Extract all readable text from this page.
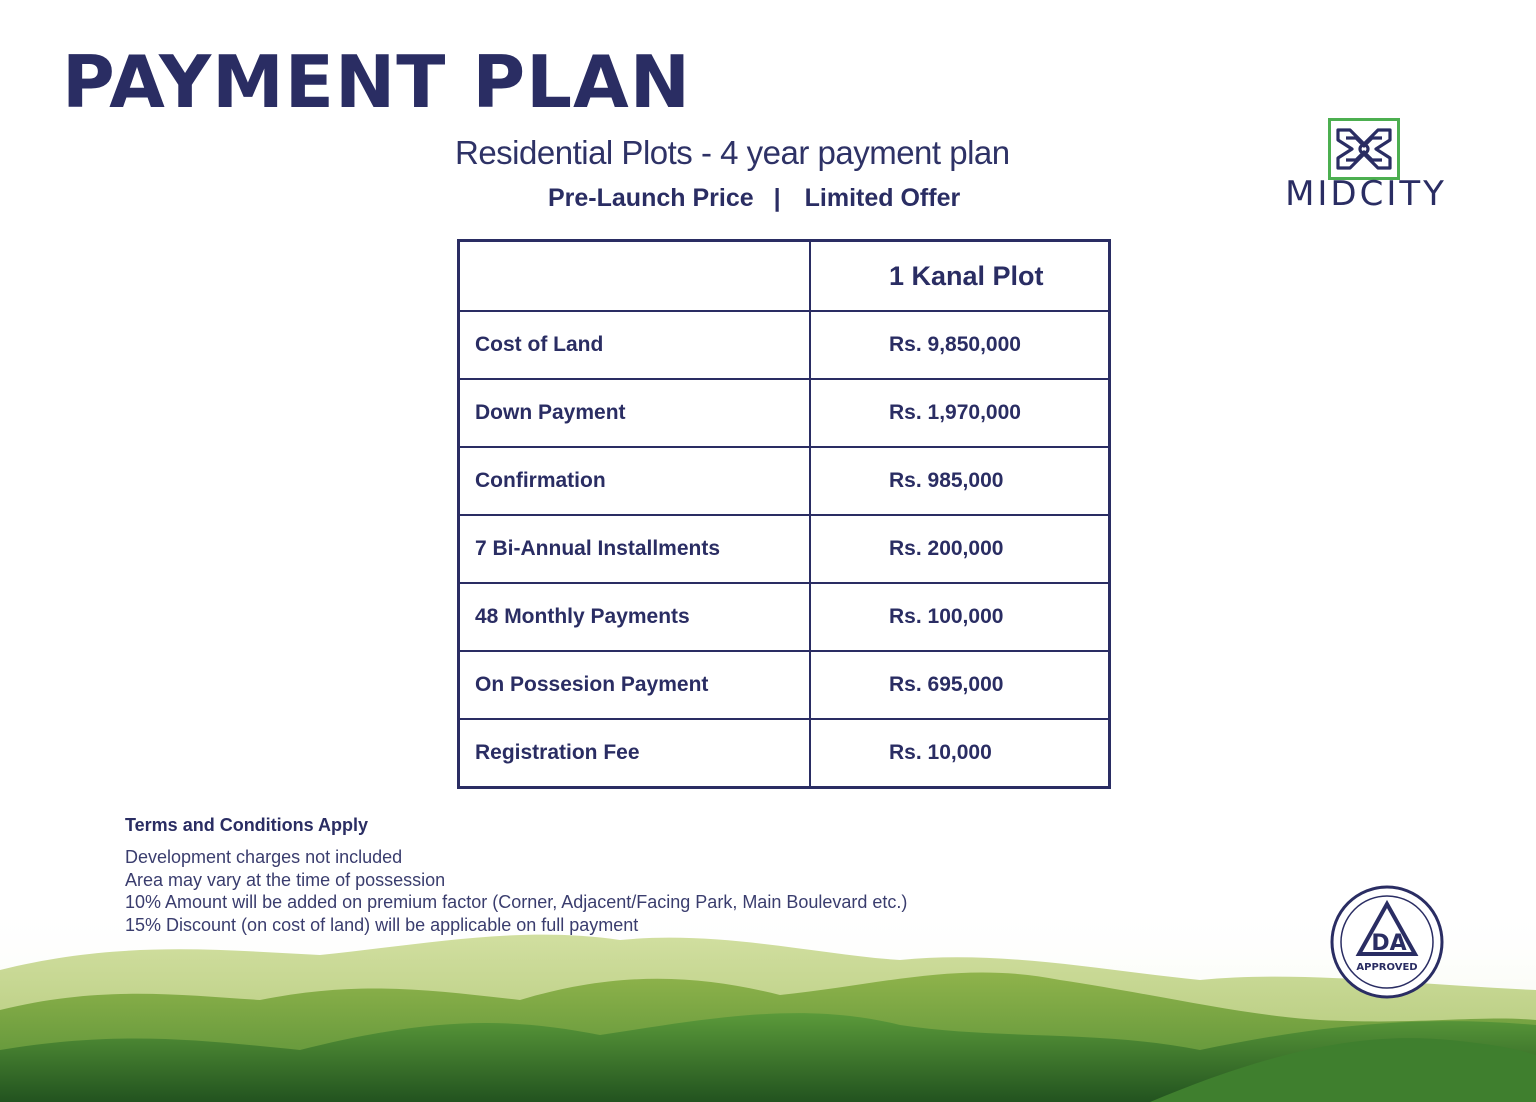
PAYMENT PLAN
Residential Plots - 4 year payment plan
Pre-Launch Price | Limited Offer	MIDCITY
	1 Kanal Plot
Cost of Land	Rs. 9,850,000
Down Payment	Rs. 1,970,000
Confirmation	Rs. 985,000
7 Bi-Annual Installments	Rs. 200,000
48 Monthly Payments	Rs. 100,000
On Possesion Payment	Rs. 695,000
Registration Fee	Rs. 10,000
Terms and Conditions Apply
Development charges not included
Area may vary at the time of possession
10% Amount will be added on premium factor (Corner, Adjacent/Facing Park, Main Boulevard etc.)
15% Discount (on cost of land) will be applicable on full payment
DA
APPROVED
